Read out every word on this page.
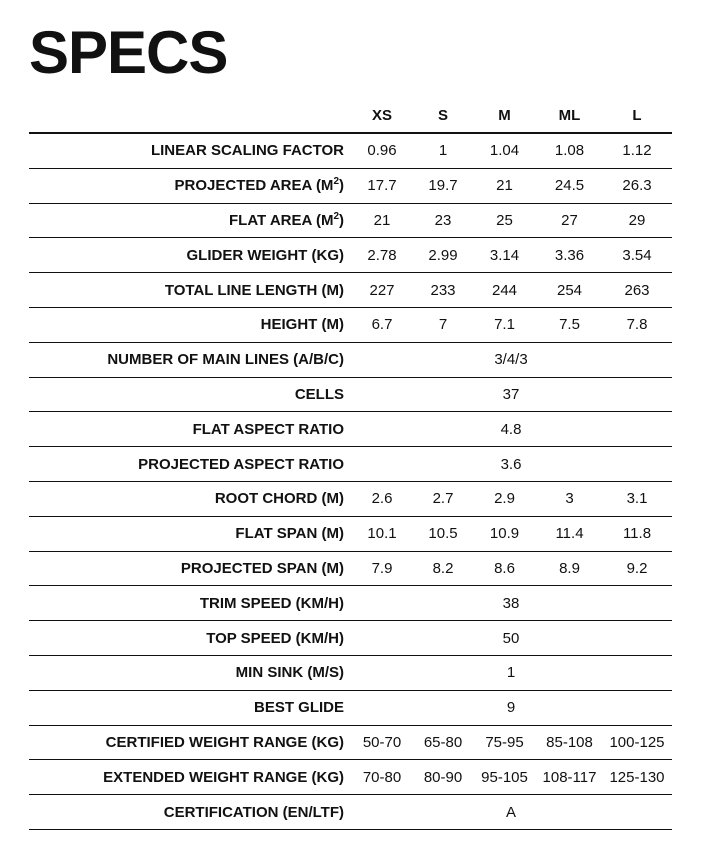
SPECS
	XS	S	M	ML	L
LINEAR SCALING FACTOR	0.96	1	1.04	1.08	1.12
PROJECTED AREA $(M^2)$	17.7	19.7	21	24.5	26.3
FLAT AREA $(M^2)$	21	23	25	27	29
GLIDER WEIGHT (KG)	2.78	2.99	3.14	3.36	3.54
TOTAL LINE LENGTH (M)	227	233	244	254	263
HEIGHT (M)	6.7	7	7.1	7.5	7.8
NUMBER OF MAIN LINES (A/B/C)	3/4/3				
CELLS	37				
FLAT ASPECT RATIO	4.8				
PROJECTED ASPECT RATIO	3.6				
ROOT CHORD (M)	2.6	2.7	2.9	3	3.1
FLAT SPAN (M)	10.1	10.5	10.9	11.4	11.8
PROJECTED SPAN (M)	7.9	8.2	8.6	8.9	9.2
TRIM SPEED (KM/H)	38				
TOP SPEED (KM/H)	50				
MIN SINK (M/S)	1				
BEST GLIDE	9				
CERTIFIED WEIGHT RANGE (KG)	50-70	65-80	75-95	85-108	100-125
EXTENDED WEIGHT RANGE (KG)	70-80	80-90	95-105	108-117	125-130
CERTIFICATION (EN/LTF)	A				
